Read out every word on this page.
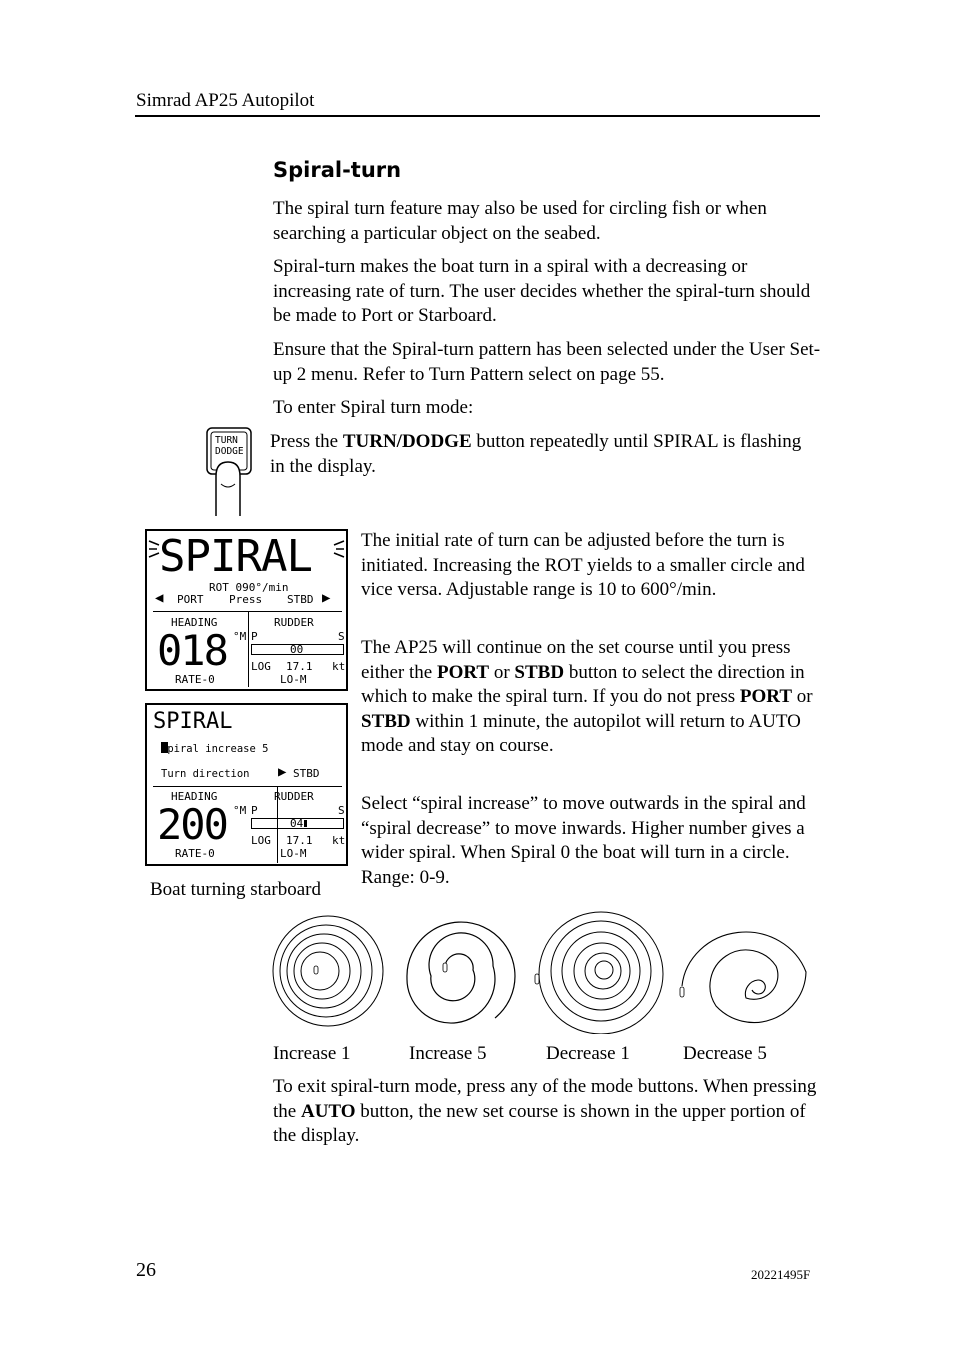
Simrad AP25 Autopilot
Spiral-turn

The spiral turn feature may also be used for circling fish or when searching a particular object on the seabed.

Spiral-turn makes the boat turn in a spiral with a decreasing or increasing rate of turn. The user decides whether the spiral-turn should be made to Port or Starboard.

Ensure that the Spiral-turn pattern has been selected under the User Set-up 2 menu. Refer to Turn Pattern select on page 55.

To enter Spiral turn mode:

TURN
DODGE Press the TURN/DODGE button repeatedly until SPIRAL is flashing in the display.

SPIRAL
ROT 090°/min
◀ PORT Press STBD ▶
HEADING	RUDDER
018 °M P	S
00
LOG 17.1 kt
RATE-0	LO-M
SPIRAL
Spiral increase 5
Turn direction ▶ STBD
HEADING	RUDDER
200 °M P	S
04
LOG 17.1 kt
RATE-0	LO-M
Boat turning starboard

The initial rate of turn can be adjusted before the turn is initiated. Increasing the ROT yields to a smaller circle and vice versa. Adjustable range is 10 to 600°/min.

The AP25 will continue on the set course until you press either the PORT or STBD button to select the direction in which to make the spiral turn. If you do not press PORT or STBD within 1 minute, the autopilot will return to AUTO mode and stay on course.

Select “spiral increase” to move outwards in the spiral and “spiral decrease” to move inwards. Higher number gives a wider spiral. When Spiral 0 the boat will turn in a circle. Range: 0-9.

Increase 1	Increase 5	Decrease 1	Decrease 5

To exit spiral-turn mode, press any of the mode buttons. When pressing the AUTO button, the new set course is shown in the upper portion of the display.

26	20221495F
